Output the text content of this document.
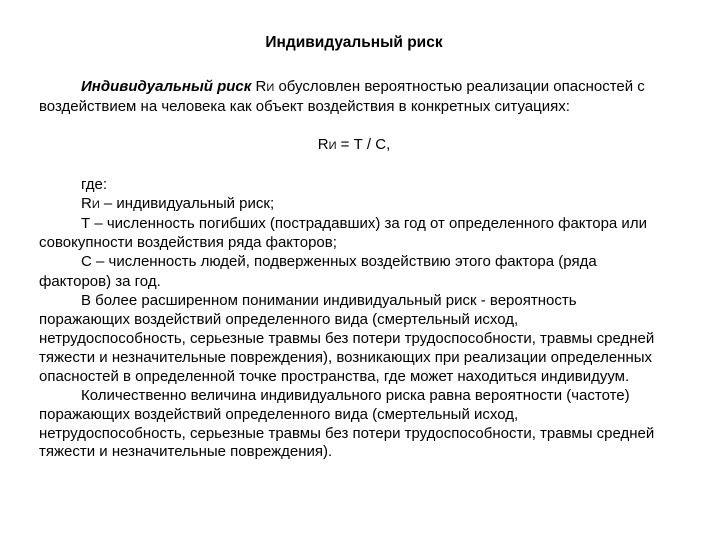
Индивидуальный риск

Индивидуальный риск RИ обусловлен вероятностью реализации опасностей с воздействием на человека как объект воздействия в конкретных ситуациях:

RИ = Т / С,

где:

RИ – индивидуальный риск;

Т – численность погибших (пострадавших) за год от определенного фактора или совокупности воздействия ряда факторов;

С – численность людей, подверженных воздействию этого фактора (ряда факторов) за год.

В более расширенном понимании индивидуальный риск - вероятность поражающих воздействий определенного вида (смертельный исход, нетрудоспособность, серьезные травмы без потери трудоспособности, травмы средней тяжести и незначительные повреждения), возникающих при реализации определенных опасностей в определенной точке пространства, где может находиться индивидуум.

Количественно величина индивидуального риска равна вероятности (частоте) поражающих воздействий определенного вида (смертельный исход, нетрудоспособность, серьезные травмы без потери трудоспособности, травмы средней тяжести и незначительные повреждения).
